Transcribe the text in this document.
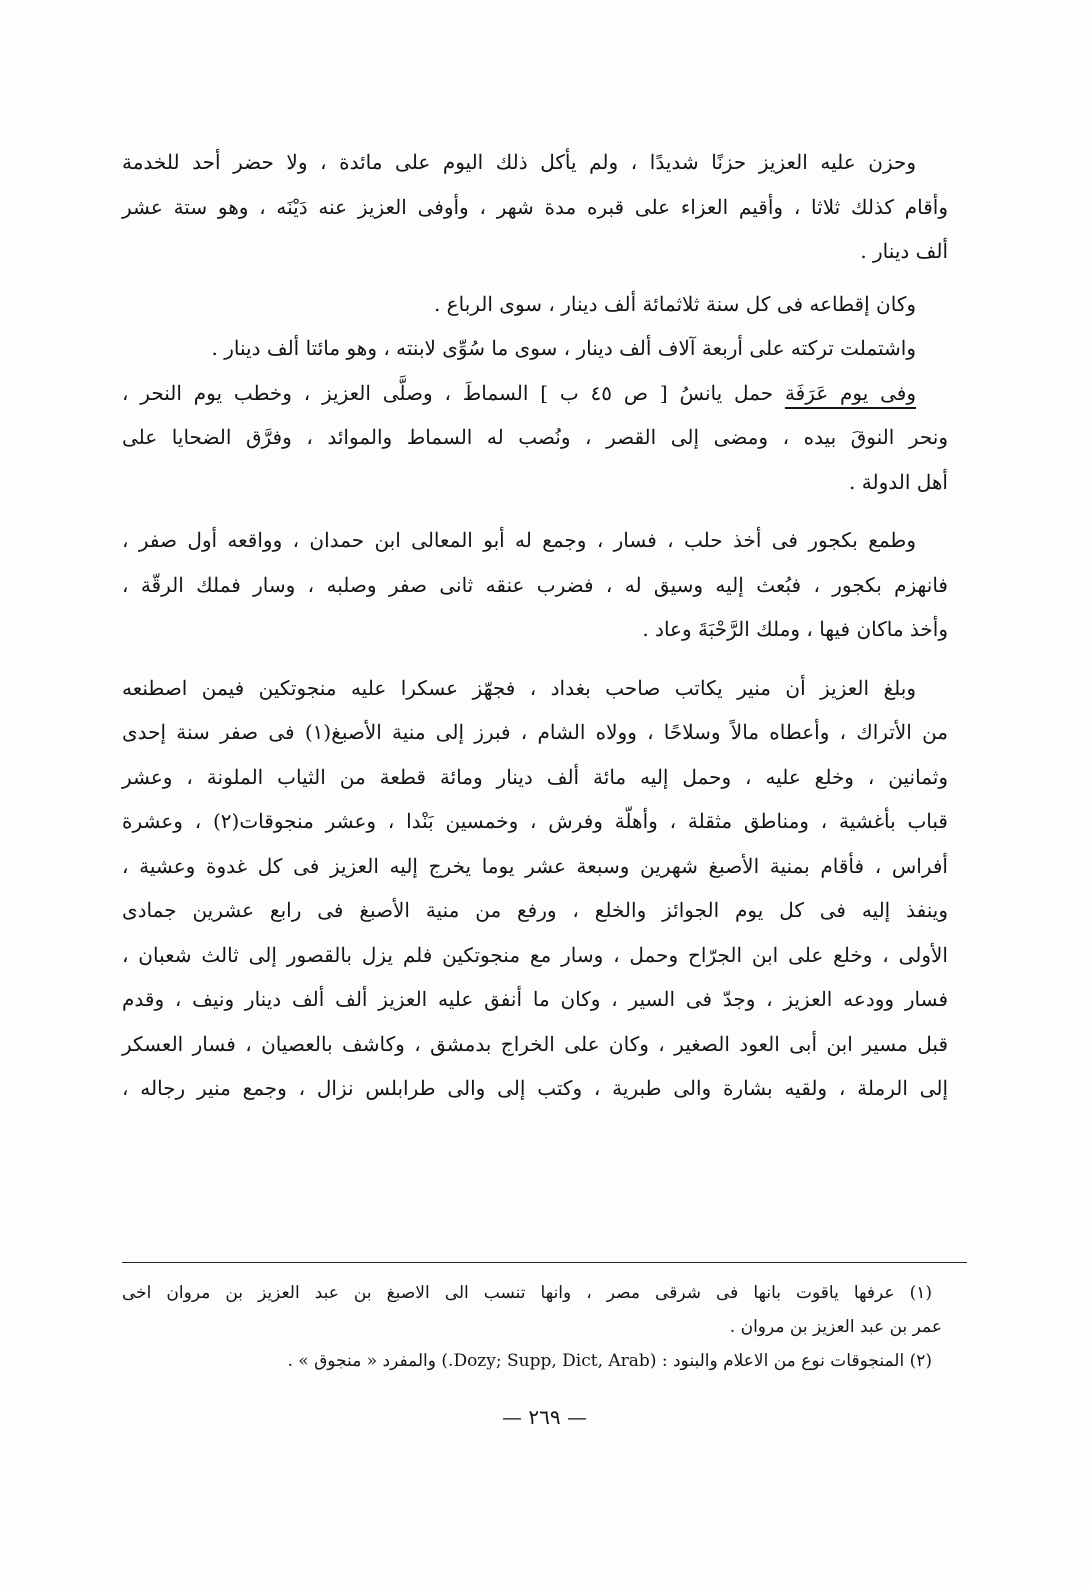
وحزن عليه العزيز حزنًا شديدًا ، ولم يأكل ذلك اليوم على مائدة ، ولا حضر أحد للخدمة
وأقام كذلك ثلاثا ، وأقيم العزاء على قبره مدة شهر ، وأوفى العزيز عنه دَيْنَه ، وهو ستة عشر
ألف دينار .
وكان إقطاعه فى كل سنة ثلاثمائة ألف دينار ، سوى الرباع .
واشتملت تركته على أربعة آلاف ألف دينار ، سوى ما سُوِّى لابنته ، وهو مائتا ألف دينار .
وفى يوم عَرَفَة حمل يانسُ [ ص ٤٥ ب ] السماطَ ، وصلَّى العزيز ، وخطب يوم النحر ،
ونحر النوقَ بيده ، ومضى إلى القصر ، ونُصب له السماط والموائد ، وفرَّق الضحايا على
أهل الدولة .
وطمع بكجور فى أخذ حلب ، فسار ، وجمع له أبو المعالى ابن حمدان ، وواقعه أول صفر ،
فانهزم بكجور ، فبُعث إليه وسيق له ، فضرب عنقه ثانى صفر وصلبه ، وسار فملك الرقّة ،
وأخذ ماكان فيها ، وملك الرَّحْبَةَ وعاد .
وبلغ العزيز أن منير يكاتب صاحب بغداد ، فجهّز عسكرا عليه منجوتكين فيمن اصطنعه
من الأتراك ، وأعطاه مالاً وسلاحًا ، وولاه الشام ، فبرز إلى منية الأصبغ(١) فى صفر سنة إحدى
وثمانين ، وخلع عليه ، وحمل إليه مائة ألف دينار ومائة قطعة من الثياب الملونة ، وعشر
قباب بأغشية ، ومناطق مثقلة ، وأهلّة وفرش ، وخمسين بَنْدا ، وعشر منجوقات(٢) ، وعشرة
أفراس ، فأقام بمنية الأصبغ شهرين وسبعة عشر يوما يخرج إليه العزيز فى كل غدوة وعشية ،
وينفذ إليه فى كل يوم الجوائز والخلع ، ورفع من منية الأصبغ فى رابع عشرين جمادى
الأولى ، وخلع على ابن الجرّاح وحمل ، وسار مع منجوتكين فلم يزل بالقصور إلى ثالث شعبان ،
فسار وودعه العزيز ، وجدّ فى السير ، وكان ما أنفق عليه العزيز ألف ألف دينار ونيف ، وقدم
قبل مسير ابن أبى العود الصغير ، وكان على الخراج بدمشق ، وكاشف بالعصيان ، فسار العسكر
إلى الرملة ، ولقيه بشارة والى طبرية ، وكتب إلى والى طرابلس نزال ، وجمع منير رجاله ،
(١) عرفها ياقوت بانها فى شرقى مصر ، وانها تنسب الى الاصبغ بن عبد العزيز بن مروان اخى
عمر بن عبد العزيز بن مروان .
(٢) المنجوقات نوع من الاعلام والبنود : (Dozy; Supp, Dict, Arab.) والمفرد « منجوق » .
— ٢٦٩ —
